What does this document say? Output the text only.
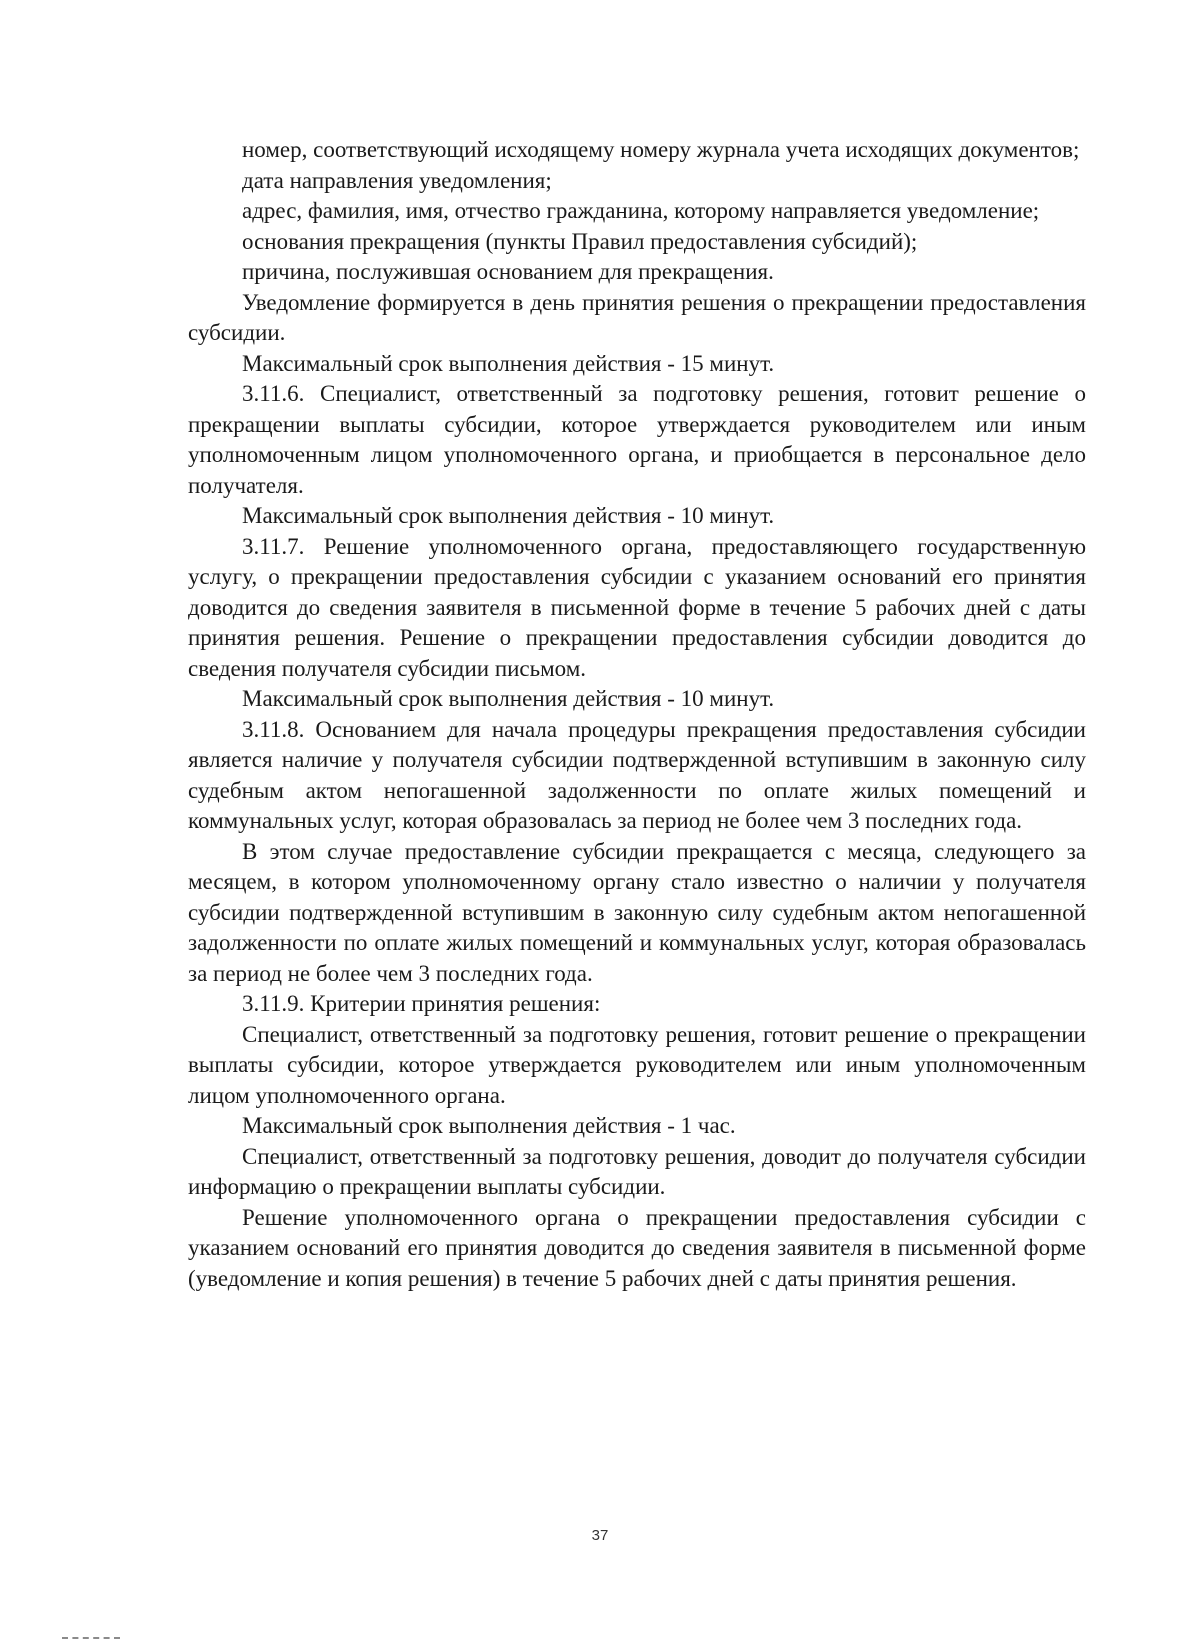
номер, соответствующий исходящему номеру журнала учета исходящих документов;

дата направления уведомления;

адрес, фамилия, имя, отчество гражданина, которому направляется уведомление;

основания прекращения (пункты Правил предоставления субсидий);

причина, послужившая основанием для прекращения.

Уведомление формируется в день принятия решения о прекращении предоставления субсидии.

Максимальный срок выполнения действия - 15 минут.

3.11.6. Специалист, ответственный за подготовку решения, готовит решение о прекращении выплаты субсидии, которое утверждается руководителем или иным уполномоченным лицом уполномоченного органа, и приобщается в персональное дело получателя.

Максимальный срок выполнения действия - 10 минут.

3.11.7. Решение уполномоченного органа, предоставляющего государственную услугу, о прекращении предоставления субсидии с указанием оснований его принятия доводится до сведения заявителя в письменной форме в течение 5 рабочих дней с даты принятия решения. Решение о прекращении предоставления субсидии доводится до сведения получателя субсидии письмом.

Максимальный срок выполнения действия - 10 минут.

3.11.8. Основанием для начала процедуры прекращения предоставления субсидии является наличие у получателя субсидии подтвержденной вступившим в законную силу судебным актом непогашенной задолженности по оплате жилых помещений и коммунальных услуг, которая образовалась за период не более чем 3 последних года.

В этом случае предоставление субсидии прекращается с месяца, следующего за месяцем, в котором уполномоченному органу стало известно о наличии у получателя субсидии подтвержденной вступившим в законную силу судебным актом непогашенной задолженности по оплате жилых помещений и коммунальных услуг, которая образовалась за период не более чем 3 последних года.

3.11.9. Критерии принятия решения:

Специалист, ответственный за подготовку решения, готовит решение о прекращении выплаты субсидии, которое утверждается руководителем или иным уполномоченным лицом уполномоченного органа.

Максимальный срок выполнения действия - 1 час.

Специалист, ответственный за подготовку решения, доводит до получателя субсидии информацию о прекращении выплаты субсидии.

Решение уполномоченного органа о прекращении предоставления субсидии с указанием оснований его принятия доводится до сведения заявителя в письменной форме (уведомление и копия решения) в течение 5 рабочих дней с даты принятия решения.

37
